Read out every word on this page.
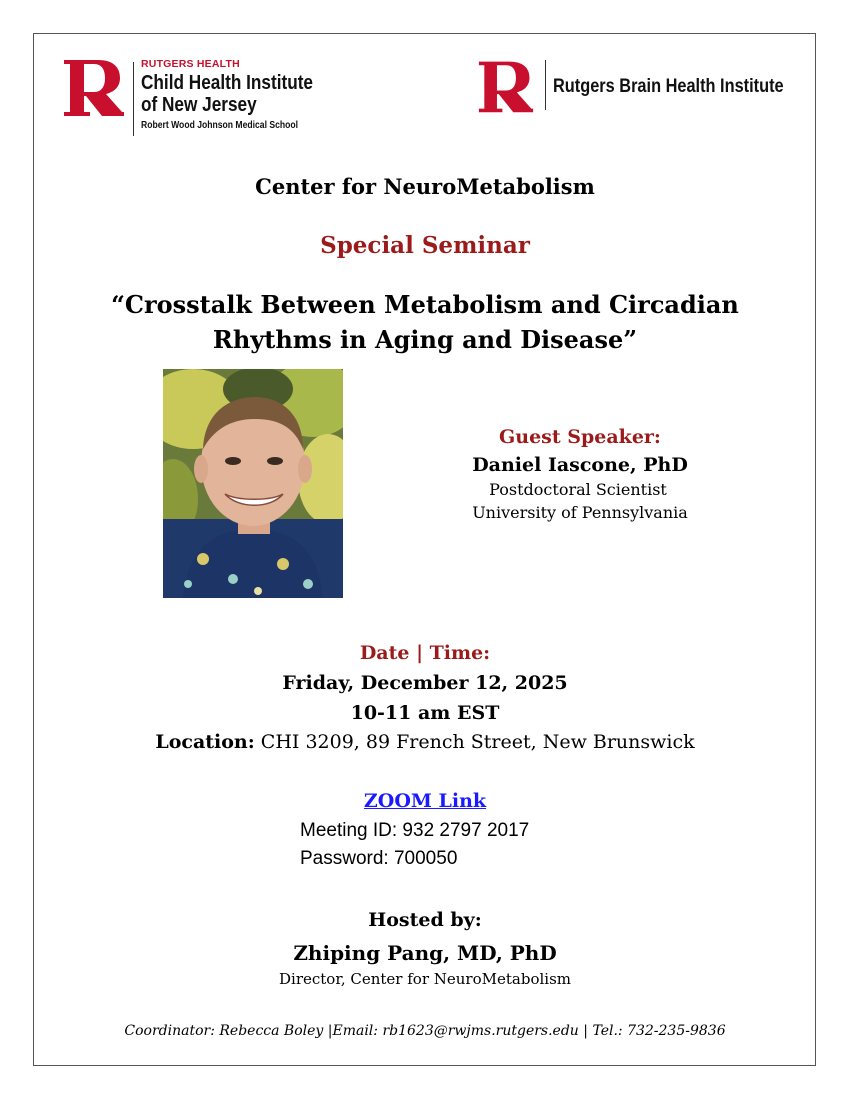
RUTGERS HEALTH
Child Health Institute
of New Jersey
Robert Wood Johnson Medical School
Rutgers Brain Health Institute
Center for NeuroMetabolism
Special Seminar
“Crosstalk Between Metabolism and Circadian
Rhythms in Aging and Disease”
Guest Speaker:
Daniel Iascone, PhD
Postdoctoral Scientist
University of Pennsylvania
Date | Time:
Friday, December 12, 2025
10-11 am EST
Location: CHI 3209, 89 French Street, New Brunswick
ZOOM Link
Meeting ID: 932 2797 2017
Password: 700050
Hosted by:
Zhiping Pang, MD, PhD
Director, Center for NeuroMetabolism
Coordinator: Rebecca Boley |Email: rb1623@rwjms.rutgers.edu | Tel.: 732-235-9836
